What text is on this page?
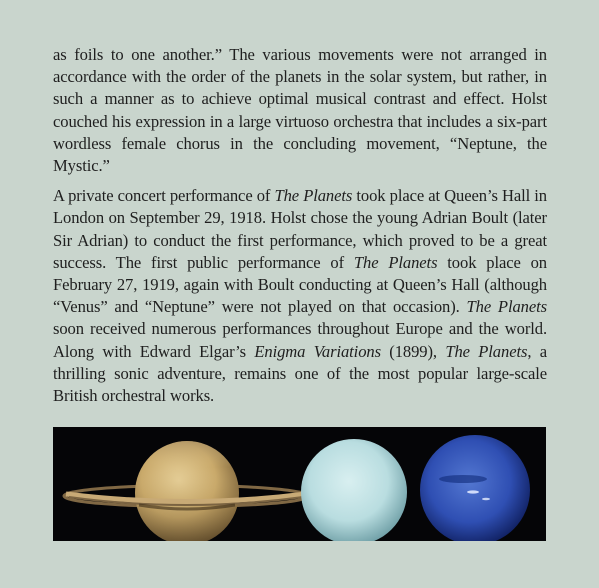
as foils to one another.” The various movements were not arranged in accordance with the order of the planets in the solar system, but rather, in such a manner as to achieve optimal musical contrast and effect. Holst couched his expression in a large virtuoso orchestra that includes a six-part wordless female chorus in the concluding movement, “Neptune, the Mystic.”

A private concert performance of The Planets took place at Queen’s Hall in London on September 29, 1918. Holst chose the young Adrian Boult (later Sir Adrian) to conduct the first performance, which proved to be a great success. The first public performance of The Planets took place on February 27, 1919, again with Boult conducting at Queen’s Hall (although “Venus” and “Neptune” were not played on that occasion). The Planets soon received numerous performances throughout Europe and the world. Along with Edward Elgar’s Enigma Variations (1899), The Planets, a thrilling sonic adventure, remains one of the most popular large-scale British orchestral works.
